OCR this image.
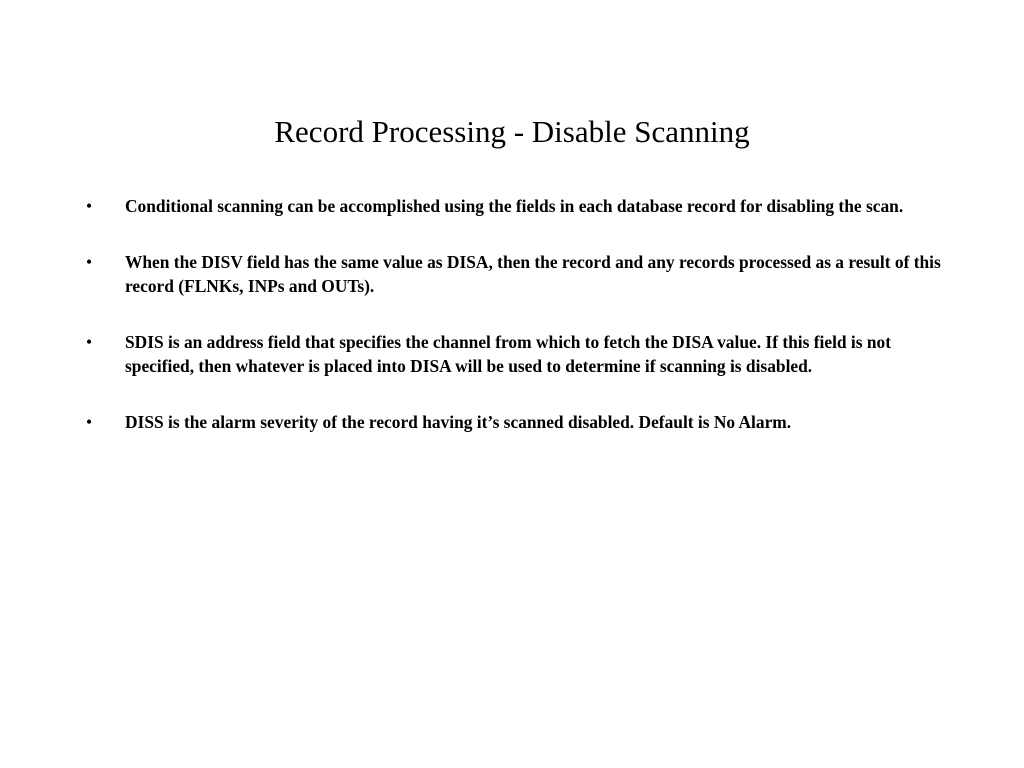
Record Processing - Disable Scanning
• Conditional scanning can be accomplished using the fields in each database record for disabling the scan.
• When the DISV field has the same value as DISA, then the record and any records processed as a result of this record (FLNKs, INPs and OUTs).
• SDIS is an address field that specifies the channel from which to fetch the DISA value. If this field is not specified, then whatever is placed into DISA will be used to determine if scanning is disabled.
• DISS is the alarm severity of the record having it’s scanned disabled. Default is No Alarm.
